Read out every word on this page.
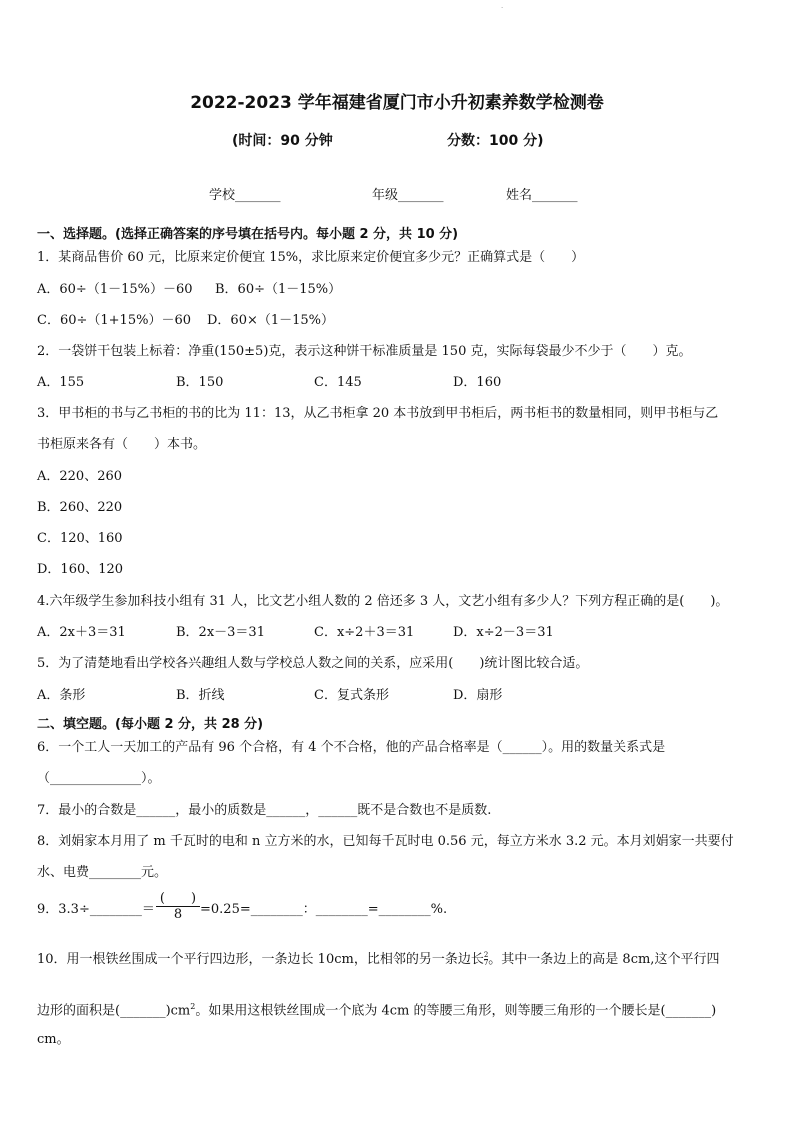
·
2022-2023 学年福建省厦门市小升初素养数学检测卷
(时间：90 分钟	分数：100 分)
学校_______	年级_______	姓名_______
一、选择题。(选择正确答案的序号填在括号内。每小题 2 分，共 10 分)
1．某商品售价 60 元，比原来定价便宜 15%，求比原来定价便宜多少元？正确算式是（　　）
A．60÷（1－15%）－60 B．60÷（1－15%）
C．60÷（1+15%）－60 D．60×（1－15%）
2．一袋饼干包装上标着：净重(150±5)克，表示这种饼干标准质量是 150 克，实际每袋最少不少于（　　）克。
A．155	B．150	C．145	D．160
3．甲书柜的书与乙书柜的书的比为 11：13，从乙书柜拿 20 本书放到甲书柜后，两书柜书的数量相同，则甲书柜与乙
书柜原来各有（　　）本书。
A．220、260
B．260、220
C．120、160
D．160、120
4.六年级学生参加科技小组有 31 人，比文艺小组人数的 2 倍还多 3 人，文艺小组有多少人？下列方程正确的是(　　)。
A．2x＋3＝31	B．2x－3＝31	C．x÷2＋3＝31	D．x÷2－3＝31
5．为了清楚地看出学校各兴趣组人数与学校总人数之间的关系，应采用(　　)统计图比较合适。
A．条形	B．折线	C．复式条形	D．扇形
二、填空题。(每小题 2 分，共 28 分)
6．一个工人一天加工的产品有 96 个合格，有 4 个不合格，他的产品合格率是（______）。用的数量关系式是
（______________）。
7．最小的合数是______，最小的质数是______，______既不是合数也不是质数.
8．刘娟家本月用了 m 千瓦时的电和 n 立方米的水，已知每千瓦时电 0.56 元，每立方米水 3.2 元。本月刘娟家一共要付
水、电费________元。
9．3.3÷________＝
(　　)
8	=0.25=________：________=________%.
10．用一根铁丝围成一个平行四边形，一条边长 10cm，比相邻的另一条边长 $\frac{2}{7}$ 。其中一条边上的高是 8cm,这个平行四
边形的面积是$(\_\_\_\_\_\_\_)cm^2$。如果用这根铁丝围成一个底为 4cm 的等腰三角形，则等腰三角形的一个腰长是(_______)
cm。
